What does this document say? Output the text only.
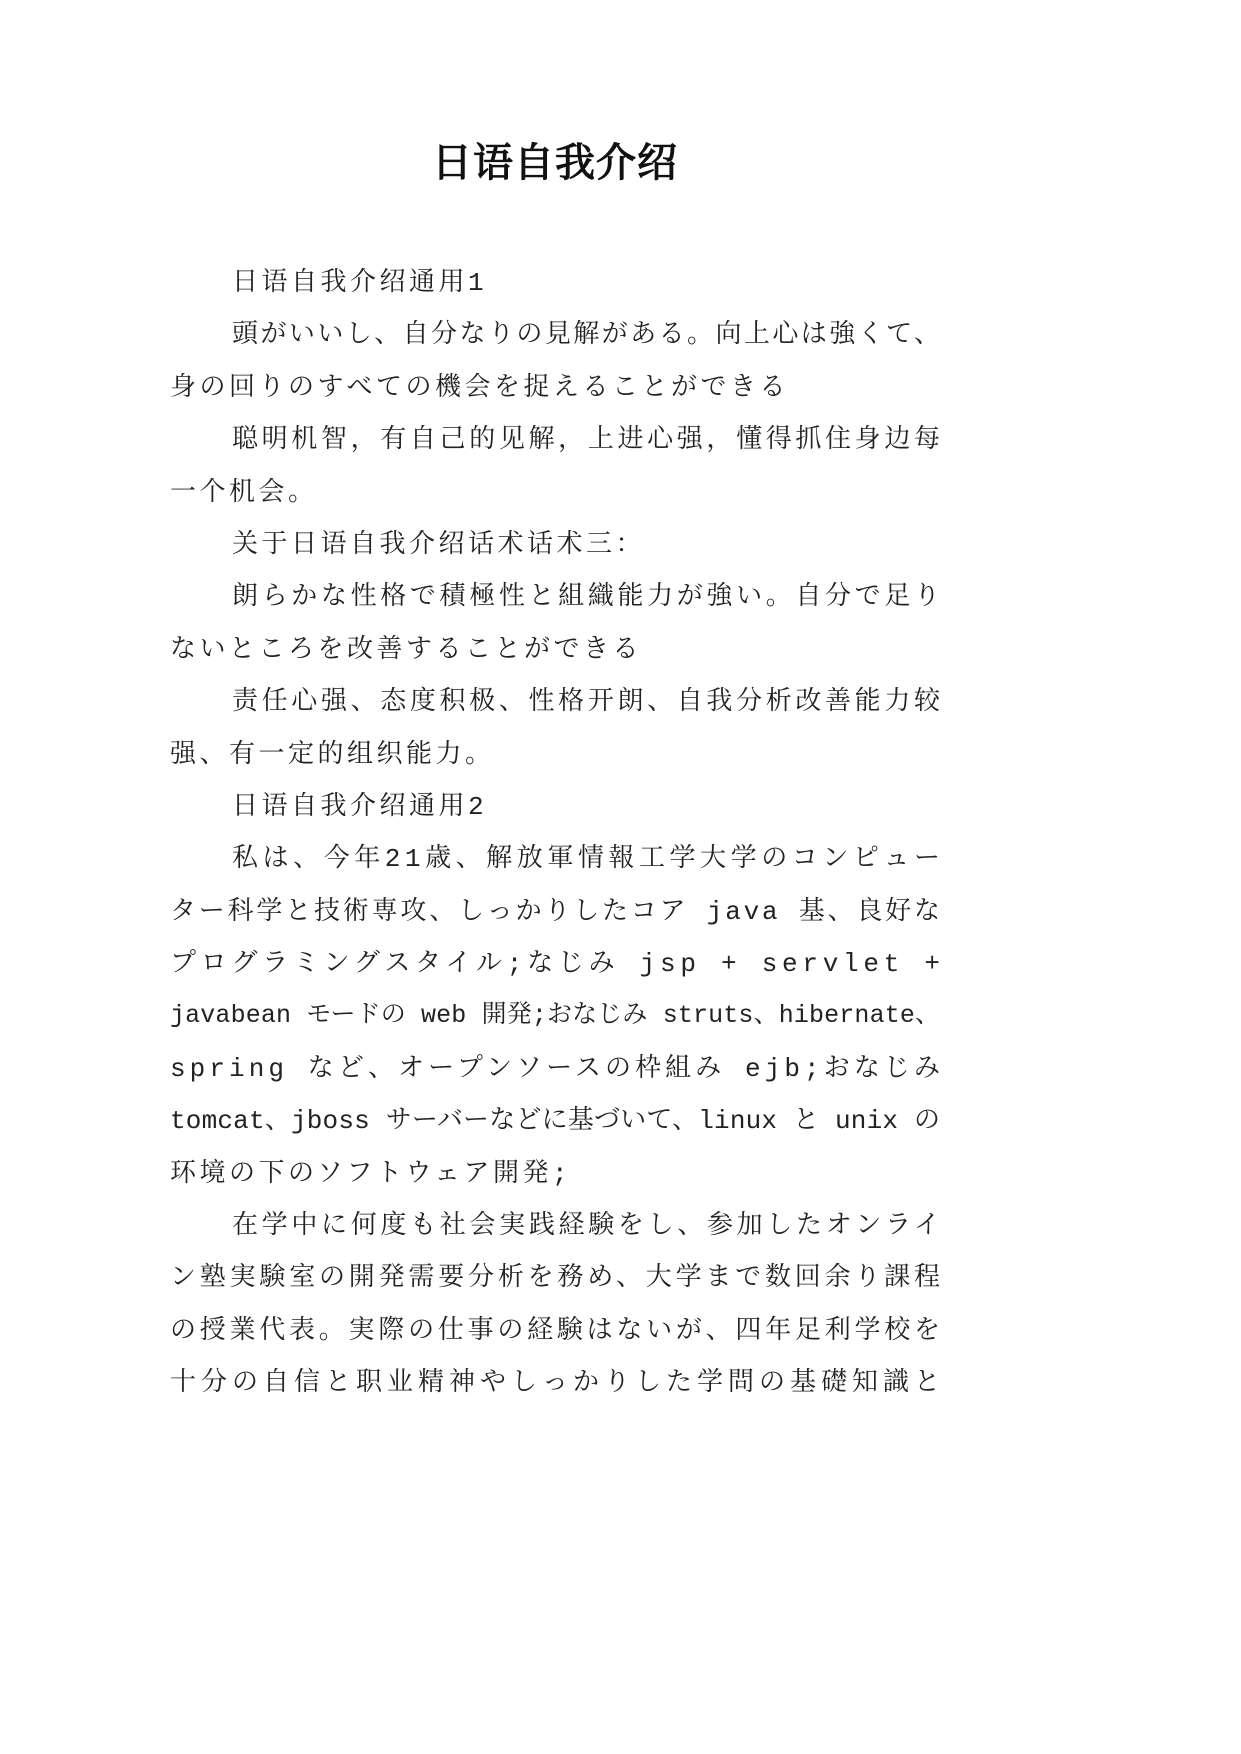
日语自我介绍
日语自我介绍通用1
頭がいいし、自分なりの見解がある。向上心は強くて、
身の回りのすべての機会を捉えることができる
聪明机智，有自己的见解，上进心强，懂得抓住身边每
一个机会。
关于日语自我介绍话术话术三：
朗らかな性格で積極性と組織能力が強い。自分で足り
ないところを改善することができる
责任心强、态度积极、性格开朗、自我分析改善能力较
强、有一定的组织能力。
日语自我介绍通用2
私は、今年21歳、解放軍情報工学大学のコンピュー
ター科学と技術専攻、しっかりしたコア java 基、良好な
プログラミングスタイル;なじみ jsp + servlet +
javabean モードの web 開発;おなじみ struts、hibernate、
spring など、オープンソースの枠組み ejb;おなじみ
tomcat、jboss サーバーなどに基づいて、linux と unix の
环境の下のソフトウェア開発;
在学中に何度も社会実践経験をし、参加したオンライ
ン塾実験室の開発需要分析を務め、大学まで数回余り課程
の授業代表。実際の仕事の経験はないが、四年足利学校を
十分の自信と职业精神やしっかりした学問の基礎知識と
